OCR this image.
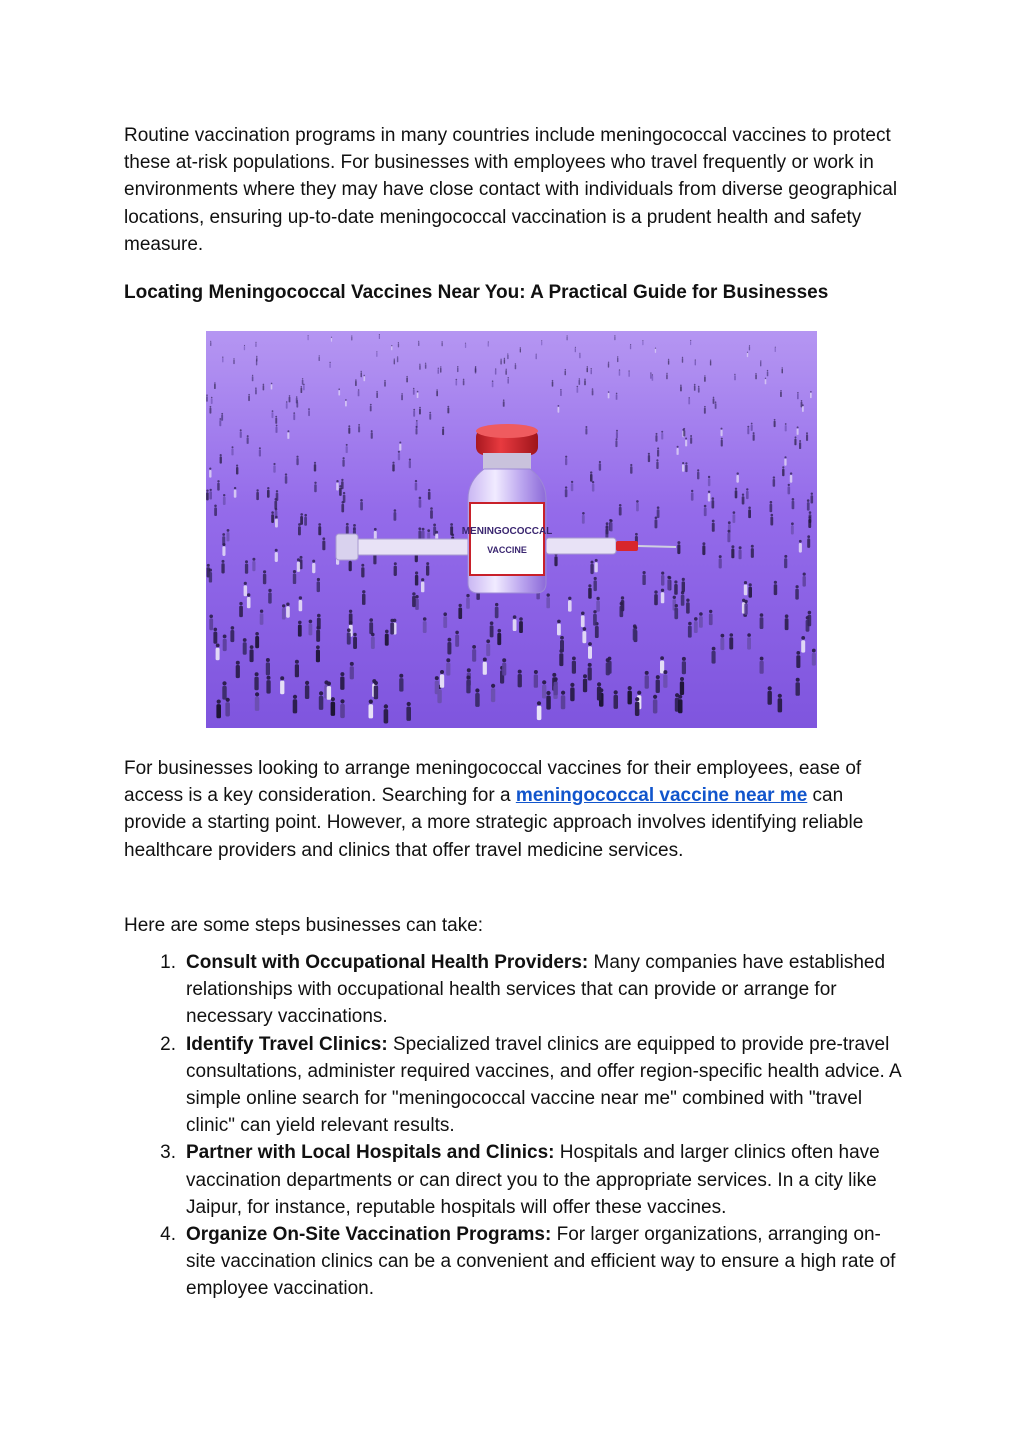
Routine vaccination programs in many countries include meningococcal vaccines to protect these at-risk populations. For businesses with employees who travel frequently or work in environments where they may have close contact with individuals from diverse geographical locations, ensuring up-to-date meningococcal vaccination is a prudent health and safety measure.

Locating Meningococcal Vaccines Near You: A Practical Guide for Businesses
MENINGOCOCCAL
VACCINE

For businesses looking to arrange meningococcal vaccines for their employees, ease of access is a key consideration. Searching for a meningococcal vaccine near me can provide a starting point. However, a more strategic approach involves identifying reliable healthcare providers and clinics that offer travel medicine services.

Here are some steps businesses can take:

1. Consult with Occupational Health Providers: Many companies have established relationships with occupational health services that can provide or arrange for necessary vaccinations.
2. Identify Travel Clinics: Specialized travel clinics are equipped to provide pre-travel consultations, administer required vaccines, and offer region-specific health advice. A simple online search for "meningococcal vaccine near me" combined with "travel clinic" can yield relevant results.
3. Partner with Local Hospitals and Clinics: Hospitals and larger clinics often have vaccination departments or can direct you to the appropriate services. In a city like Jaipur, for instance, reputable hospitals will offer these vaccines.
4. Organize On-Site Vaccination Programs: For larger organizations, arranging on-site vaccination clinics can be a convenient and efficient way to ensure a high rate of employee vaccination.
